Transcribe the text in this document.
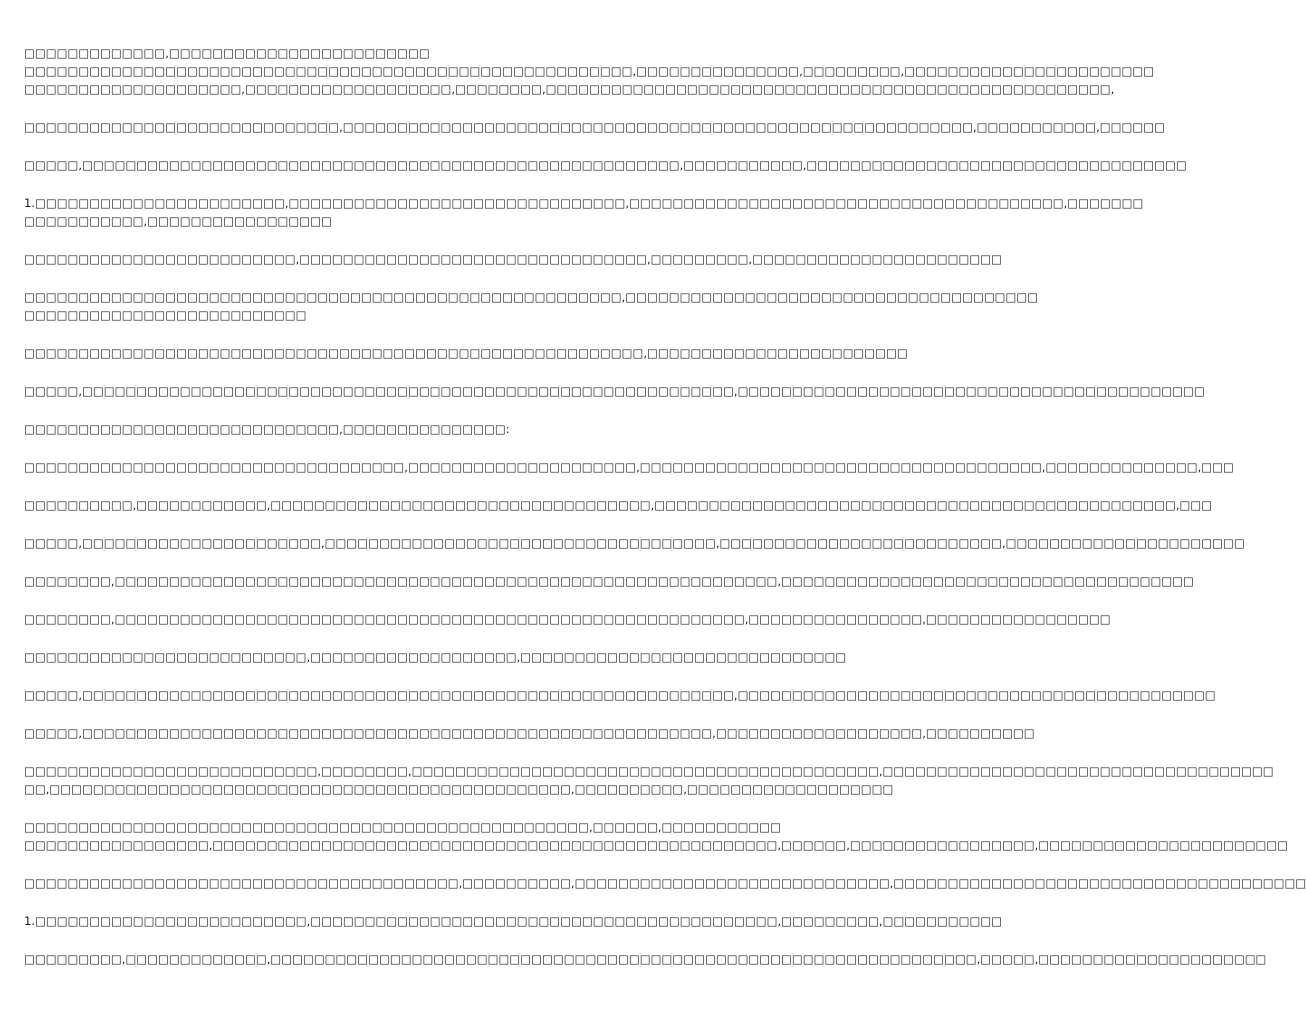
□□□□□□□□□□□□□,□□□□□□□□□□□□□□□□□□□□□□□□
□□□□□□□□□□□□□□□□□□□□□□□□□□□□□□□□□□□□□□□□□□□□□□□□□□□□□□□□,□□□□□□□□□□□□□□□,□□□□□□□□□,□□□□□□□□□□□□□□□□□□□□□□□
□□□□□□□□□□□□□□□□□□□□,□□□□□□□□□□□□□□□□□□□,□□□□□□□□,□□□□□□□□□□□□□□□□□□□□□□□□□□□□□□□□□□□□□□□□□□□□□□□□□□□□,

□□□□□□□□□□□□□□□□□□□□□□□□□□□□□,□□□□□□□□□□□□□□□□□□□□□□□□□□□□□□□□□□□□□□□□□□□□□□□□□□□□□□□□□□,□□□□□□□□□□□,□□□□□□

□□□□□,□□□□□□□□□□□□□□□□□□□□□□□□□□□□□□□□□□□□□□□□□□□□□□□□□□□□□□□,□□□□□□□□□□□,□□□□□□□□□□□□□□□□□□□□□□□□□□□□□□□□□□□

1.□□□□□□□□□□□□□□□□□□□□□□□,□□□□□□□□□□□□□□□□□□□□□□□□□□□□□□□,□□□□□□□□□□□□□□□□□□□□□□□□□□□□□□□□□□□□□□□□,□□□□□□□
□□□□□□□□□□□,□□□□□□□□□□□□□□□□□

□□□□□□□□□□□□□□□□□□□□□□□□□,□□□□□□□□□□□□□□□□□□□□□□□□□□□□□□□□,□□□□□□□□□,□□□□□□□□□□□□□□□□□□□□□□□

□□□□□□□□□□□□□□□□□□□□□□□□□□□□□□□□□□□□□□□□□□□□□□□□□□□□□□□,□□□□□□□□□□□□□□□□□□□□□□□□□□□□□□□□□□□□□□
□□□□□□□□□□□□□□□□□□□□□□□□□□

□□□□□□□□□□□□□□□□□□□□□□□□□□□□□□□□□□□□□□□□□□□□□□□□□□□□□□□□□,□□□□□□□□□□□□□□□□□□□□□□□□

□□□□□,□□□□□□□□□□□□□□□□□□□□□□□□□□□□□□□□□□□□□□□□□□□□□□□□□□□□□□□□□□□□,□□□□□□□□□□□□□□□□□□□□□□□□□□□□□□□□□□□□□□□□□□□

□□□□□□□□□□□□□□□□□□□□□□□□□□□□□,□□□□□□□□□□□□□□□:

□□□□□□□□□□□□□□□□□□□□□□□□□□□□□□□□□□□,□□□□□□□□□□□□□□□□□□□□□,□□□□□□□□□□□□□□□□□□□□□□□□□□□□□□□□□□□□□,□□□□□□□□□□□□□□,□□□

□□□□□□□□□□,□□□□□□□□□□□□,□□□□□□□□□□□□□□□□□□□□□□□□□□□□□□□□□□□,□□□□□□□□□□□□□□□□□□□□□□□□□□□□□□□□□□□□□□□□□□□□□□□□,□□□

□□□□□,□□□□□□□□□□□□□□□□□□□□□□,□□□□□□□□□□□□□□□□□□□□□□□□□□□□□□□□□□□□,□□□□□□□□□□□□□□□□□□□□□□□□□□,□□□□□□□□□□□□□□□□□□□□□□

□□□□□□□□,□□□□□□□□□□□□□□□□□□□□□□□□□□□□□□□□□□□□□□□□□□□□□□□□□□□□□□□□□□□□□,□□□□□□□□□□□□□□□□□□□□□□□□□□□□□□□□□□□□□□

□□□□□□□□,□□□□□□□□□□□□□□□□□□□□□□□□□□□□□□□□□□□□□□□□□□□□□□□□□□□□□□□□□□,□□□□□□□□□□□□□□□□,□□□□□□□□□□□□□□□□□

□□□□□□□□□□□□□□□□□□□□□□□□□□,□□□□□□□□□□□□□□□□□□□,□□□□□□□□□□□□□□□□□□□□□□□□□□□□□□

□□□□□,□□□□□□□□□□□□□□□□□□□□□□□□□□□□□□□□□□□□□□□□□□□□□□□□□□□□□□□□□□□□,□□□□□□□□□□□□□□□□□□□□□□□□□□□□□□□□□□□□□□□□□□□□

□□□□□,□□□□□□□□□□□□□□□□□□□□□□□□□□□□□□□□□□□□□□□□□□□□□□□□□□□□□□□□□□,□□□□□□□□□□□□□□□□□□□,□□□□□□□□□□

□□□□□□□□□□□□□□□□□□□□□□□□□□□,□□□□□□□□,□□□□□□□□□□□□□□□□□□□□□□□□□□□□□□□□□□□□□□□□□□□,□□□□□□□□□□□□□□□□□□□□□□□□□□□□□□□□□□□□
□□,□□□□□□□□□□□□□□□□□□□□□□□□□□□□□□□□□□□□□□□□□□□□□□□□,□□□□□□□□□□,□□□□□□□□□□□□□□□□□□□

□□□□□□□□□□□□□□□□□□□□□□□□□□□□□□□□□□□□□□□□□□□□□□□□□□□□,□□□□□□,□□□□□□□□□□□
□□□□□□□□□□□□□□□□□,□□□□□□□□□□□□□□□□□□□□□□□□□□□□□□□□□□□□□□□□□□□□□□□□□□□□,□□□□□□,□□□□□□□□□□□□□□□□□,□□□□□□□□□□□□□□□□□□□□□□□

□□□□□□□□□□□□□□□□□□□□□□□□□□□□□□□□□□□□□□□□,□□□□□□□□□□,□□□□□□□□□□□□□□□□□□□□□□□□□□□□□,□□□□□□□□□□□□□□□□□□□□□□□□□□□□□□□□□□□□□□

1.□□□□□□□□□□□□□□□□□□□□□□□□□,□□□□□□□□□□□□□□□□□□□□□□□□□□□□□□□□□□□□□□□□□□□,□□□□□□□□□,□□□□□□□□□□□

□□□□□□□□□,□□□□□□□□□□□□□,□□□□□□□□□□□□□□□□□□□□□□□□□□□□□□□□□□□□□□□□□□□□□□□□□□□□□□□□□□□□□□□□□,□□□□□,□□□□□□□□□□□□□□□□□□□□□
